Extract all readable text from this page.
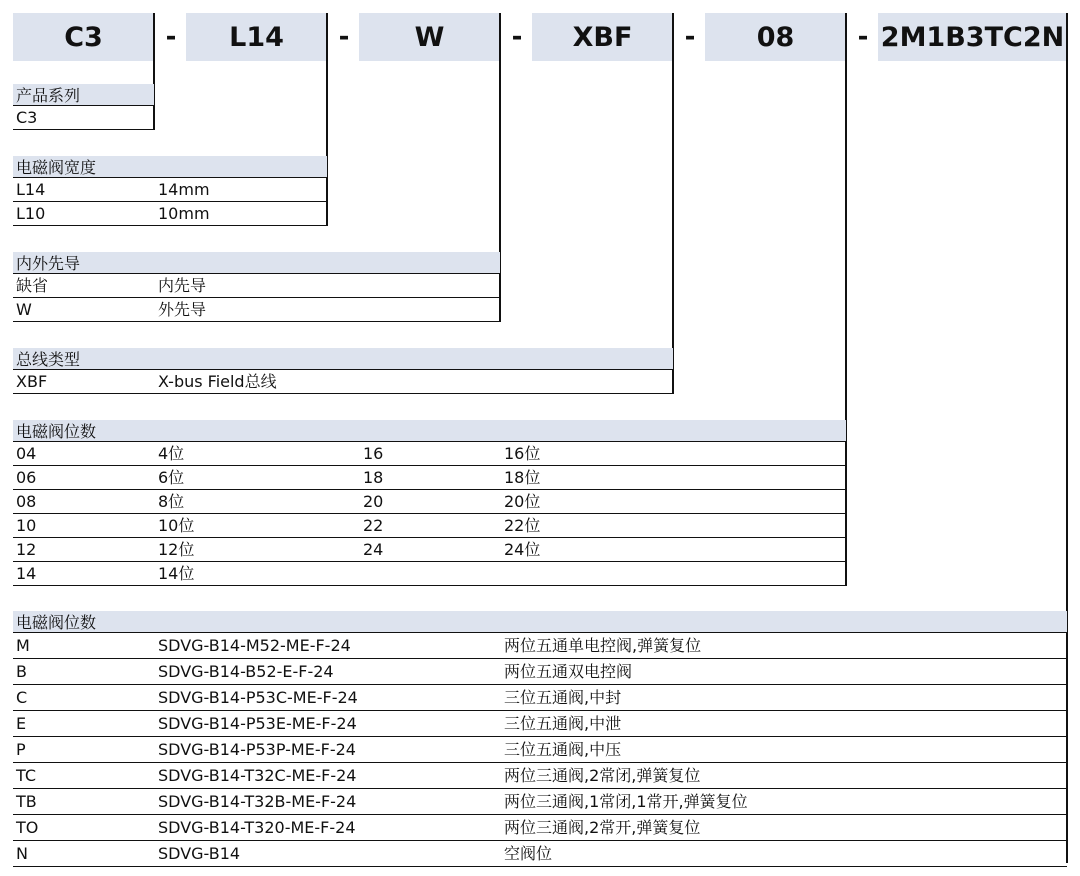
C3	-	L14	-	W	-	XBF	-	08	- 2M1B3TC2N
产品系列
C3
电磁阀宽度
L14	14mm
L10	10mm
内外先导
缺省	内先导
W	外先导
总线类型
XBF	X-bus Field总线
电磁阀位数
04	4位	16	16位
06	6位	18	18位
08	8位	20	20位
10	10位	22	22位
12	12位	24	24位
14	14位
电磁阀位数
M	SDVG-B14-M52-ME-F-24	两位五通单电控阀,弹簧复位
B	SDVG-B14-B52-E-F-24	两位五通双电控阀
C	SDVG-B14-P53C-ME-F-24	三位五通阀,中封
E	SDVG-B14-P53E-ME-F-24	三位五通阀,中泄
P	SDVG-B14-P53P-ME-F-24	三位五通阀,中压
TC	SDVG-B14-T32C-ME-F-24	两位三通阀,2常闭,弹簧复位
TB	SDVG-B14-T32B-ME-F-24	两位三通阀,1常闭,1常开,弹簧复位
TO	SDVG-B14-T320-ME-F-24	两位三通阀,2常开,弹簧复位
N	SDVG-B14	空阀位
